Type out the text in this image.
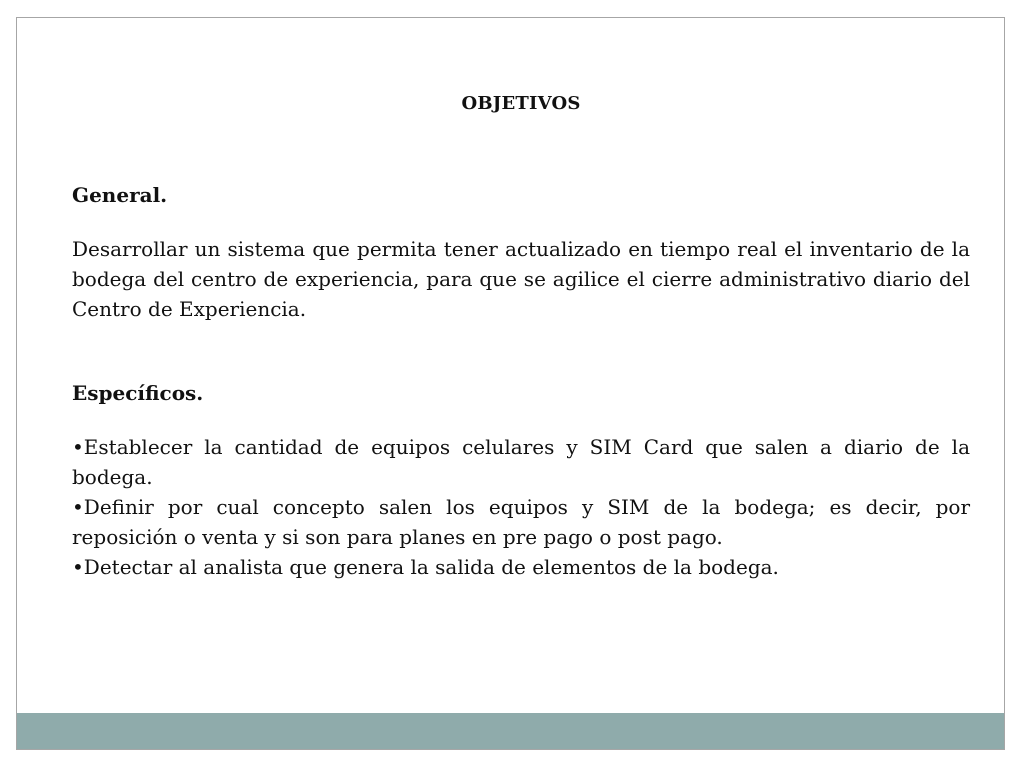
OBJETIVOS
General.

Desarrollar un sistema que permita tener actualizado en tiempo real el inventario de la bodega del centro de experiencia, para que se agilice el cierre administrativo diario del Centro de Experiencia.

Específicos.
•Establecer la cantidad de equipos celulares y SIM Card que salen a diario de la bodega.
•Definir por cual concepto salen los equipos y SIM de la bodega; es decir, por reposición o venta y si son para planes en pre pago o post pago.
•Detectar al analista que genera la salida de elementos de la bodega.
